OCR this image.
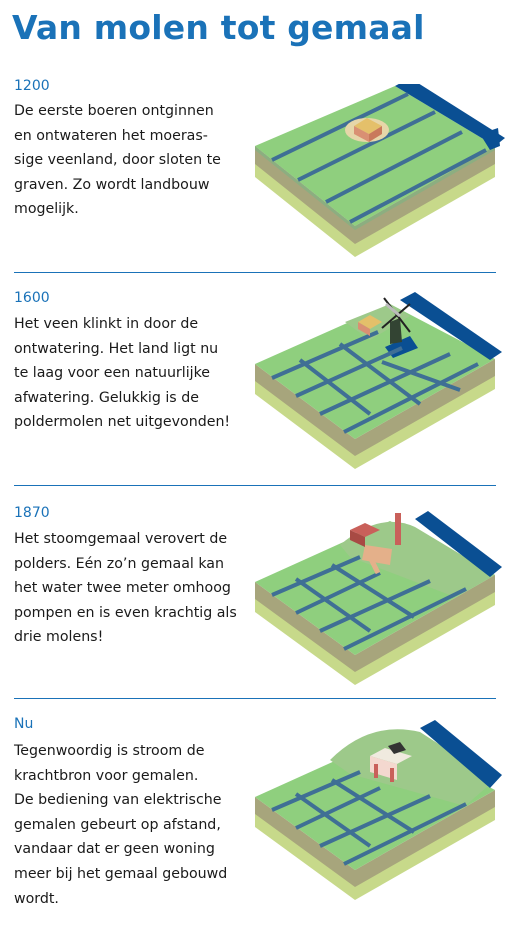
Van molen tot gemaal
1200
De eerste boeren ontginnen
en ontwateren het moeras-
sige veenland, door sloten te
graven. Zo wordt landbouw
mogelijk.
1600
Het veen klinkt in door de
ontwatering. Het land ligt nu
te laag voor een natuurlijke
afwatering. Gelukkig is de
poldermolen net uitgevonden!
1870
Het stoomgemaal verovert de
polders. Eén zo’n gemaal kan
het water twee meter omhoog
pompen en is even krachtig als
drie molens!
Nu
Tegenwoordig is stroom de
krachtbron voor gemalen.
De bediening van elektrische
gemalen gebeurt op afstand,
vandaar dat er geen woning
meer bij het gemaal gebouwd
wordt.
